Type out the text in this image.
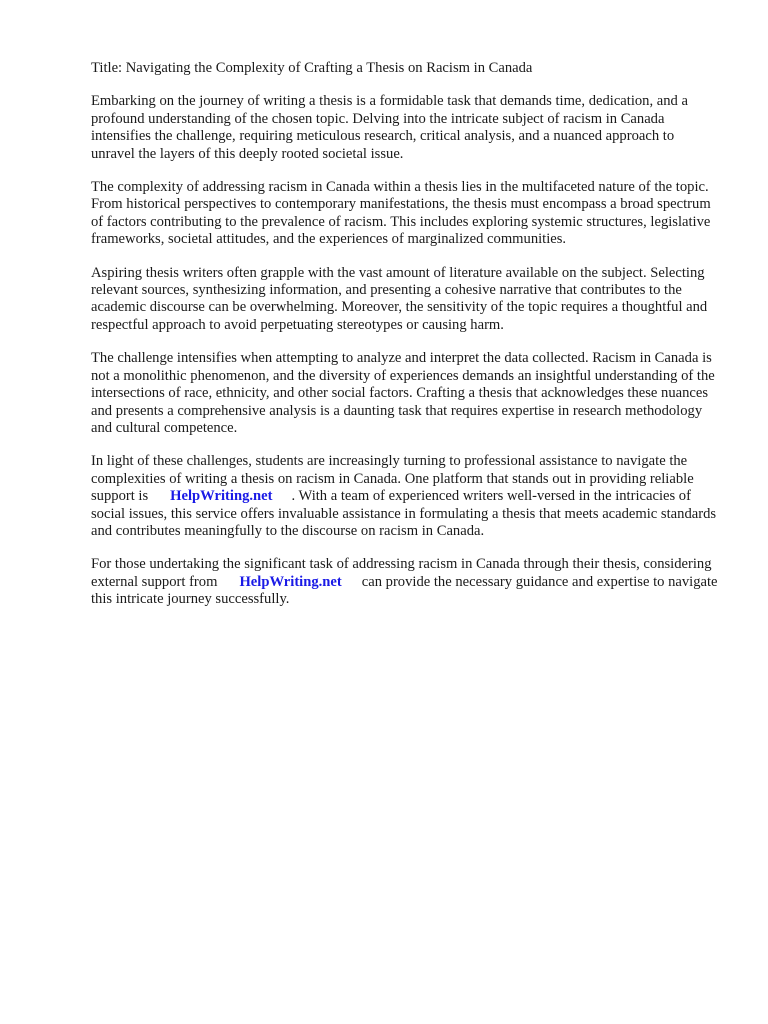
Title: Navigating the Complexity of Crafting a Thesis on Racism in Canada

Embarking on the journey of writing a thesis is a formidable task that demands time, dedication, and a profound understanding of the chosen topic. Delving into the intricate subject of racism in Canada intensifies the challenge, requiring meticulous research, critical analysis, and a nuanced approach to unravel the layers of this deeply rooted societal issue.

The complexity of addressing racism in Canada within a thesis lies in the multifaceted nature of the topic. From historical perspectives to contemporary manifestations, the thesis must encompass a broad spectrum of factors contributing to the prevalence of racism. This includes exploring systemic structures, legislative frameworks, societal attitudes, and the experiences of marginalized communities.

Aspiring thesis writers often grapple with the vast amount of literature available on the subject. Selecting relevant sources, synthesizing information, and presenting a cohesive narrative that contributes to the academic discourse can be overwhelming. Moreover, the sensitivity of the topic requires a thoughtful and respectful approach to avoid perpetuating stereotypes or causing harm.

The challenge intensifies when attempting to analyze and interpret the data collected. Racism in Canada is not a monolithic phenomenon, and the diversity of experiences demands an insightful understanding of the intersections of race, ethnicity, and other social factors. Crafting a thesis that acknowledges these nuances and presents a comprehensive analysis is a daunting task that requires expertise in research methodology and cultural competence.

In light of these challenges, students are increasingly turning to professional assistance to navigate the complexities of writing a thesis on racism in Canada. One platform that stands out in providing reliable support is HelpWriting.net . With a team of experienced writers well-versed in the intricacies of social issues, this service offers invaluable assistance in formulating a thesis that meets academic standards and contributes meaningfully to the discourse on racism in Canada.

For those undertaking the significant task of addressing racism in Canada through their thesis, considering external support from HelpWriting.net can provide the necessary guidance and expertise to navigate this intricate journey successfully.
